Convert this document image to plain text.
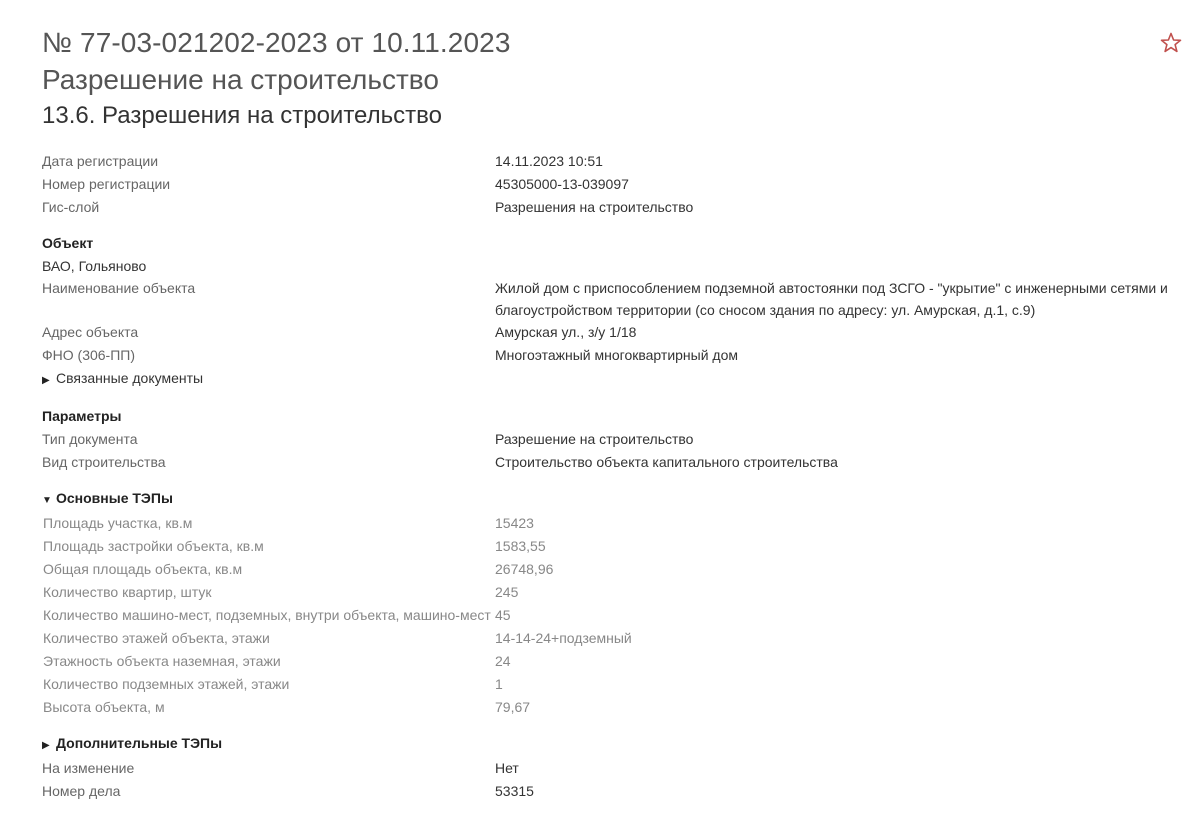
№ 77-03-021202-2023 от 10.11.2023
Разрешение на строительство
13.6. Разрешения на строительство
Дата регистрации	14.11.2023 10:51
Номер регистрации	45305000-13-039097
Гис-слой	Разрешения на строительство
Объект
ВАО, Гольяново
Наименование объекта	Жилой дом с приспособлением подземной автостоянки под ЗСГО - "укрытие" с инженерными сетями и благоустройством территории (со сносом здания по адресу: ул. Амурская, д.1, с.9)
Адрес объекта	Амурская ул., з/у 1/18
ФНО (306-ПП)	Многоэтажный многоквартирный дом
▶ Связанные документы
Параметры
Тип документа	Разрешение на строительство
Вид строительства	Строительство объекта капитального строительства
▼ Основные ТЭПы
Площадь участка, кв.м	15423
Площадь застройки объекта, кв.м	1583,55
Общая площадь объекта, кв.м	26748,96
Количество квартир, штук	245
Количество машино-мест, подземных, внутри объекта, машино-мест 45
Количество этажей объекта, этажи	14-14-24+подземный
Этажность объекта наземная, этажи	24
Количество подземных этажей, этажи	1
Высота объекта, м	79,67
▶ Дополнительные ТЭПы
На изменение	Нет
Номер дела	53315
